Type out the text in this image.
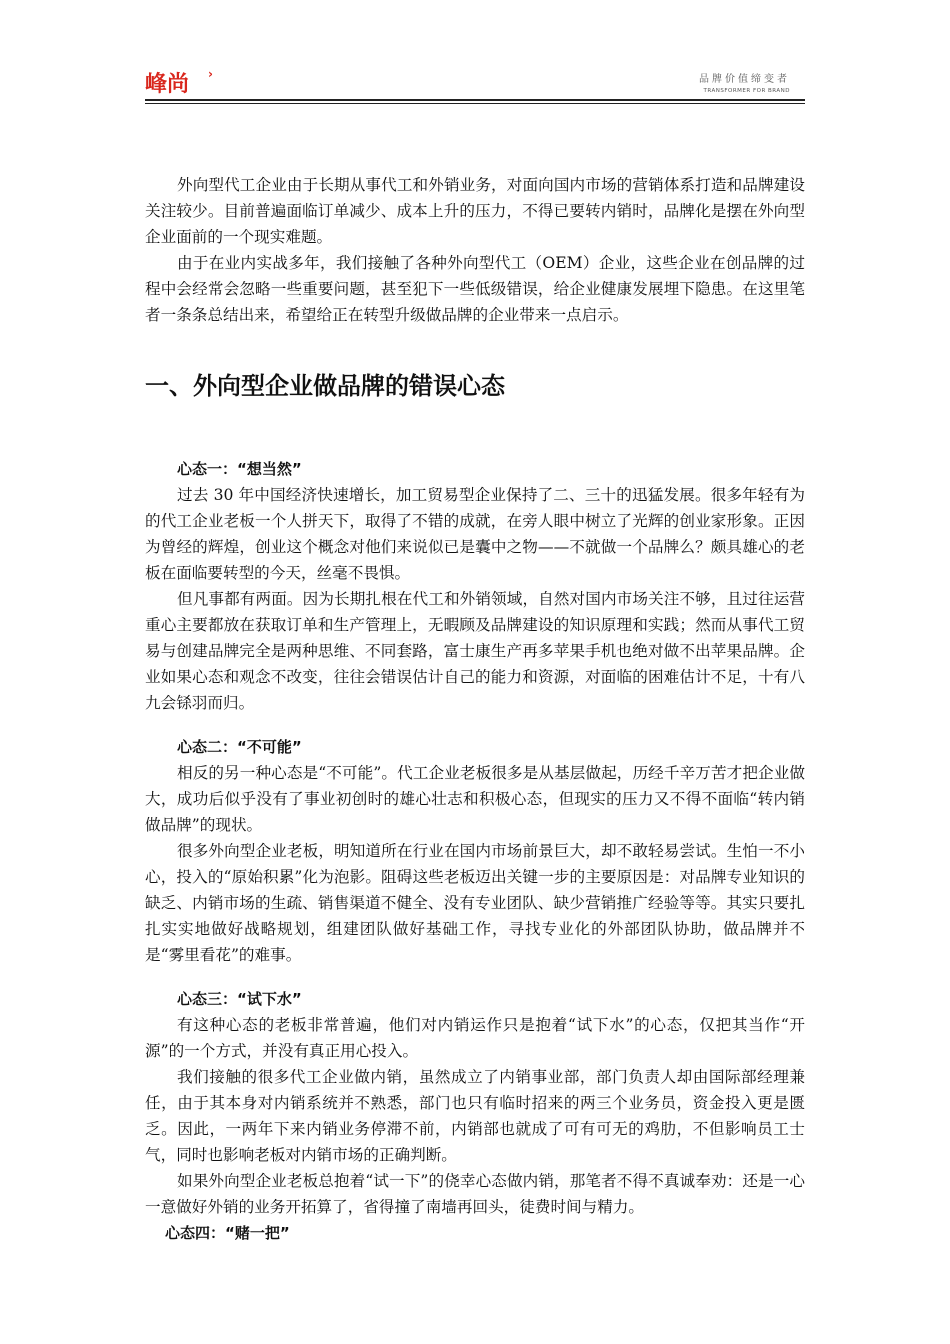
峰尚 ›	品牌价值缔变者
TRANSFORMER FOR BRAND

外向型代工企业由于长期从事代工和外销业务，对面向国内市场的营销体系打造和品牌建设关注较少。目前普遍面临订单减少、成本上升的压力，不得已要转内销时，品牌化是摆在外向型企业面前的一个现实难题。

由于在业内实战多年，我们接触了各种外向型代工（OEM）企业，这些企业在创品牌的过程中会经常会忽略一些重要问题，甚至犯下一些低级错误，给企业健康发展埋下隐患。在这里笔者一条条总结出来，希望给正在转型升级做品牌的企业带来一点启示。

一、外向型企业做品牌的错误心态
心态一：“想当然”

过去 30 年中国经济快速增长，加工贸易型企业保持了二、三十的迅猛发展。很多年轻有为的代工企业老板一个人拼天下，取得了不错的成就，在旁人眼中树立了光辉的创业家形象。正因为曾经的辉煌，创业这个概念对他们来说似已是囊中之物——不就做一个品牌么？颇具雄心的老板在面临要转型的今天，丝毫不畏惧。

但凡事都有两面。因为长期扎根在代工和外销领域，自然对国内市场关注不够，且过往运营重心主要都放在获取订单和生产管理上，无暇顾及品牌建设的知识原理和实践；然而从事代工贸易与创建品牌完全是两种思维、不同套路，富士康生产再多苹果手机也绝对做不出苹果品牌。企业如果心态和观念不改变，往往会错误估计自己的能力和资源，对面临的困难估计不足，十有八九会铩羽而归。

心态二：“不可能”

相反的另一种心态是“不可能”。代工企业老板很多是从基层做起，历经千辛万苦才把企业做大，成功后似乎没有了事业初创时的雄心壮志和积极心态，但现实的压力又不得不面临“转内销做品牌”的现状。

很多外向型企业老板，明知道所在行业在国内市场前景巨大，却不敢轻易尝试。生怕一不小心，投入的“原始积累”化为泡影。阻碍这些老板迈出关键一步的主要原因是：对品牌专业知识的缺乏、内销市场的生疏、销售渠道不健全、没有专业团队、缺少营销推广经验等等。其实只要扎扎实实地做好战略规划，组建团队做好基础工作，寻找专业化的外部团队协助，做品牌并不是“雾里看花”的难事。

心态三：“试下水”

有这种心态的老板非常普遍，他们对内销运作只是抱着“试下水”的心态，仅把其当作“开源”的一个方式，并没有真正用心投入。

我们接触的很多代工企业做内销，虽然成立了内销事业部，部门负责人却由国际部经理兼任，由于其本身对内销系统并不熟悉，部门也只有临时招来的两三个业务员，资金投入更是匮乏。因此，一两年下来内销业务停滞不前，内销部也就成了可有可无的鸡肋，不但影响员工士气，同时也影响老板对内销市场的正确判断。

如果外向型企业老板总抱着“试一下”的侥幸心态做内销，那笔者不得不真诚奉劝：还是一心一意做好外销的业务开拓算了，省得撞了南墙再回头，徒费时间与精力。

心态四：“赌一把”
